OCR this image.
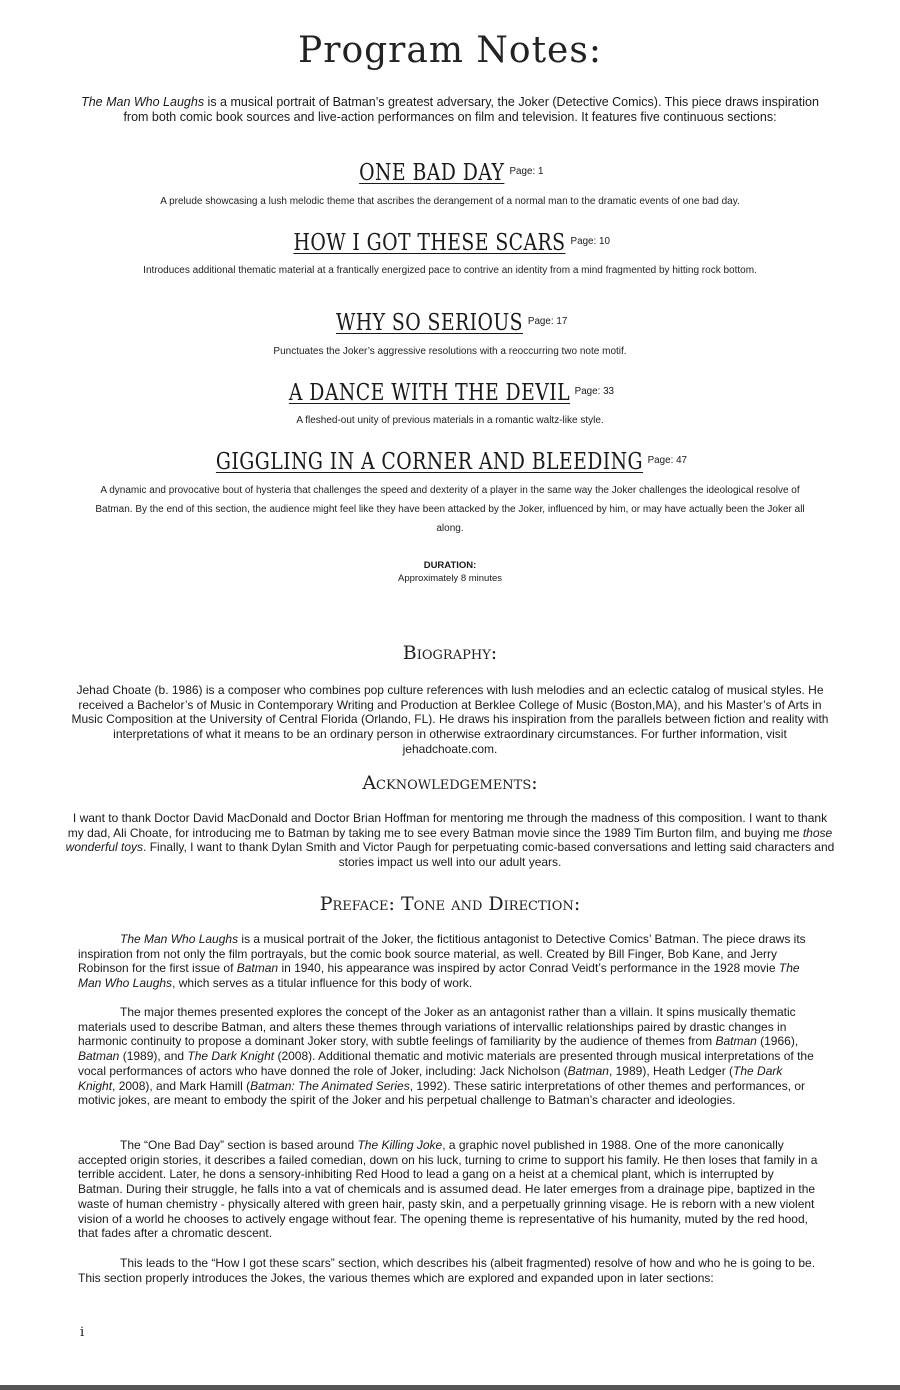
Program Notes:
The Man Who Laughs is a musical portrait of Batman’s greatest adversary, the Joker (Detective Comics). This piece draws inspiration from both comic book sources and live-action performances on film and television. It features five continuous sections:
ONE BAD DAY Page: 1
A prelude showcasing a lush melodic theme that ascribes the derangement of a normal man to the dramatic events of one bad day.
HOW I GOT THESE SCARS Page: 10
Introduces additional thematic material at a frantically energized pace to contrive an identity from a mind fragmented by hitting rock bottom.
WHY SO SERIOUS Page: 17
Punctuates the Joker’s aggressive resolutions with a reoccurring two note motif.
A DANCE WITH THE DEVIL Page: 33
A fleshed-out unity of previous materials in a romantic waltz-like style.
GIGGLING IN A CORNER AND BLEEDING Page: 47
A dynamic and provocative bout of hysteria that challenges the speed and dexterity of a player in the same way the Joker challenges the ideological resolve of Batman. By the end of this section, the audience might feel like they have been attacked by the Joker, influenced by him, or may have actually been the Joker all along.
DURATION:
Approximately 8 minutes
Biography:
Jehad Choate (b. 1986) is a composer who combines pop culture references with lush melodies and an eclectic catalog of musical styles. He received a Bachelor’s of Music in Contemporary Writing and Production at Berklee College of Music (Boston,MA), and his Master’s of Arts in Music Composition at the University of Central Florida (Orlando, FL). He draws his inspiration from the parallels between fiction and reality with interpretations of what it means to be an ordinary person in otherwise extraordinary circumstances. For further information, visit jehadchoate.com.
Acknowledgements:
I want to thank Doctor David MacDonald and Doctor Brian Hoffman for mentoring me through the madness of this composition. I want to thank my dad, Ali Choate, for introducing me to Batman by taking me to see every Batman movie since the 1989 Tim Burton film, and buying me those wonderful toys. Finally, I want to thank Dylan Smith and Victor Paugh for perpetuating comic-based conversations and letting said characters and stories impact us well into our adult years.
Preface: Tone and Direction:
The Man Who Laughs is a musical portrait of the Joker, the fictitious antagonist to Detective Comics’ Batman. The piece draws its inspiration from not only the film portrayals, but the comic book source material, as well. Created by Bill Finger, Bob Kane, and Jerry Robinson for the first issue of Batman in 1940, his appearance was inspired by actor Conrad Veidt’s performance in the 1928 movie The Man Who Laughs, which serves as a titular influence for this body of work.
The major themes presented explores the concept of the Joker as an antagonist rather than a villain. It spins musically thematic materials used to describe Batman, and alters these themes through variations of intervallic relationships paired by drastic changes in harmonic continuity to propose a dominant Joker story, with subtle feelings of familiarity by the audience of themes from Batman (1966), Batman (1989), and The Dark Knight (2008). Additional thematic and motivic materials are presented through musical interpretations of the vocal performances of actors who have donned the role of Joker, including: Jack Nicholson (Batman, 1989), Heath Ledger (The Dark Knight, 2008), and Mark Hamill (Batman: The Animated Series, 1992). These satiric interpretations of other themes and performances, or motivic jokes, are meant to embody the spirit of the Joker and his perpetual challenge to Batman’s character and ideologies.
The “One Bad Day” section is based around The Killing Joke, a graphic novel published in 1988. One of the more canonically accepted origin stories, it describes a failed comedian, down on his luck, turning to crime to support his family. He then loses that family in a terrible accident. Later, he dons a sensory-inhibiting Red Hood to lead a gang on a heist at a chemical plant, which is interrupted by Batman. During their struggle, he falls into a vat of chemicals and is assumed dead. He later emerges from a drainage pipe, baptized in the waste of human chemistry - physically altered with green hair, pasty skin, and a perpetually grinning visage. He is reborn with a new violent vision of a world he chooses to actively engage without fear. The opening theme is representative of his humanity, muted by the red hood, that fades after a chromatic descent.
This leads to the “How I got these scars” section, which describes his (albeit fragmented) resolve of how and who he is going to be. This section properly introduces the Jokes, the various themes which are explored and expanded upon in later sections:
i
